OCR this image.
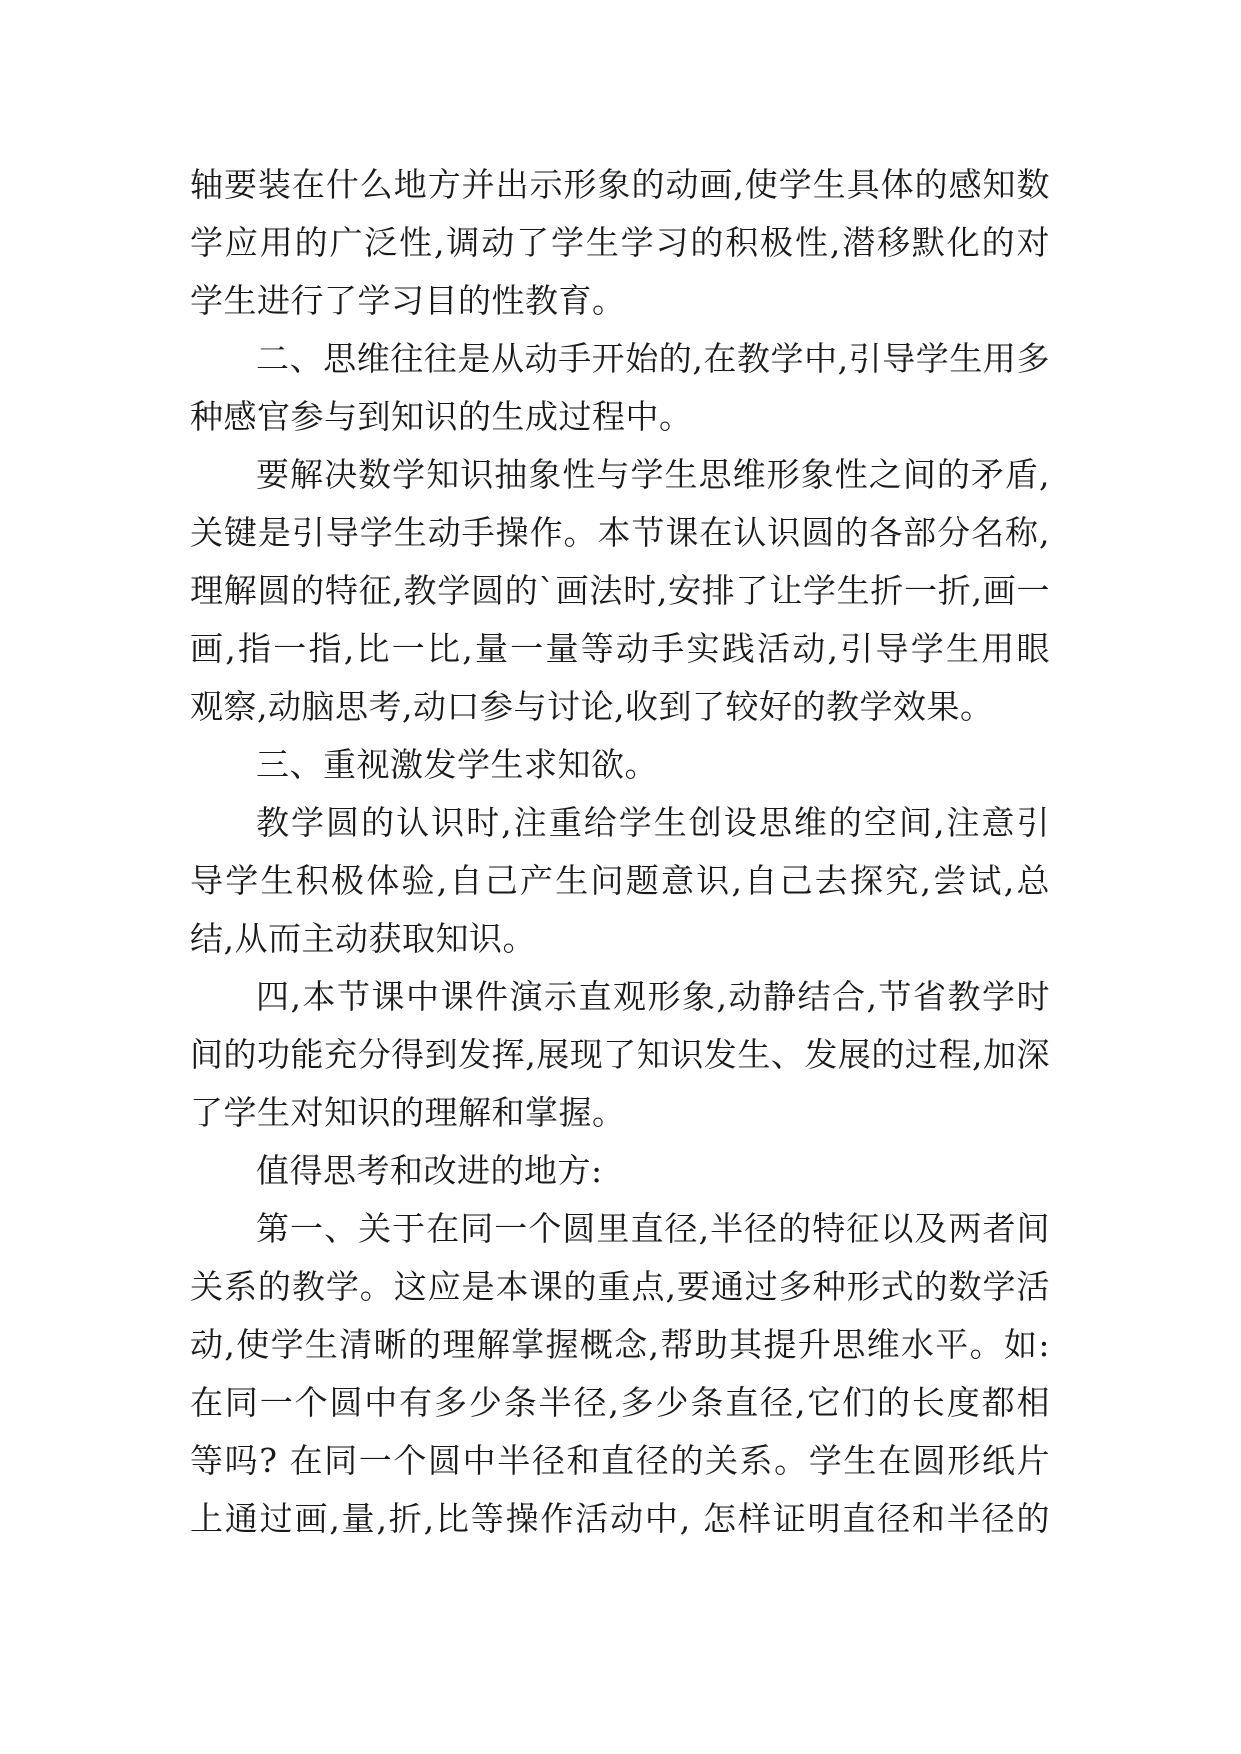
轴要装在什么地方并出示形象的动画,使学生具体的感知数
学应用的广泛性,调动了学生学习的积极性,潜移默化的对
学生进行了学习目的性教育。
二、思维往往是从动手开始的,在教学中,引导学生用多
种感官参与到知识的生成过程中。
要解决数学知识抽象性与学生思维形象性之间的矛盾,
关键是引导学生动手操作。本节课在认识圆的各部分名称,
理解圆的特征,教学圆的`画法时,安排了让学生折一折,画一
画,指一指,比一比,量一量等动手实践活动,引导学生用眼
观察,动脑思考,动口参与讨论,收到了较好的教学效果。
三、重视激发学生求知欲。
教学圆的认识时,注重给学生创设思维的空间,注意引
导学生积极体验,自己产生问题意识,自己去探究,尝试,总
结,从而主动获取知识。
四,本节课中课件演示直观形象,动静结合,节省教学时
间的功能充分得到发挥,展现了知识发生、发展的过程,加深
了学生对知识的理解和掌握。
值得思考和改进的地方:
第一、关于在同一个圆里直径,半径的特征以及两者间
关系的教学。这应是本课的重点,要通过多种形式的数学活
动,使学生清晰的理解掌握概念,帮助其提升思维水平。如:
在同一个圆中有多少条半径,多少条直径,它们的长度都相
等吗? 在同一个圆中半径和直径的关系。学生在圆形纸片
上通过画,量,折,比等操作活动中, 怎样证明直径和半径的
